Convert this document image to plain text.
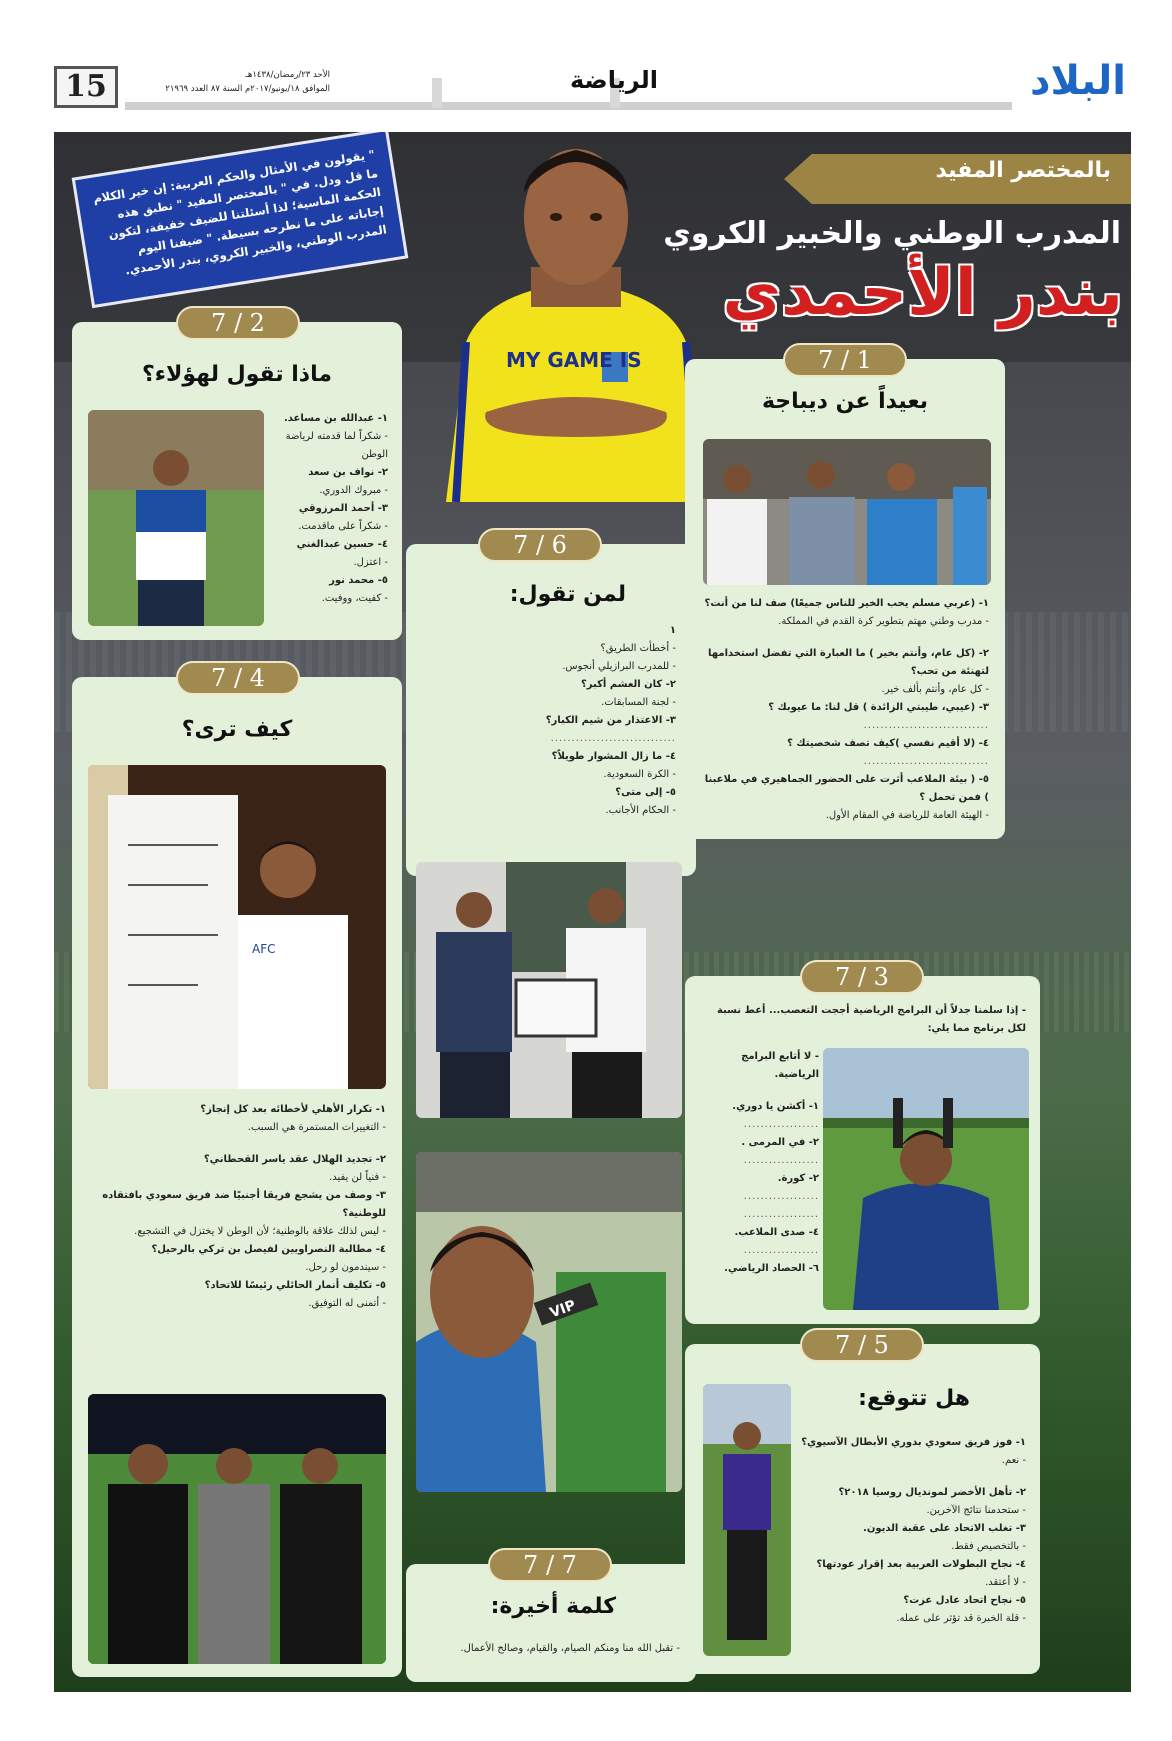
15	الأحد ٢٣/رمضان/١٤٣٨هـ
الموافق ١٨/يونيو/٢٠١٧م السنة ٨٧ العدد ٢١٩٦٩	الرياضة	البلاد
" يقولون في الأمثال والحكم العربية: إن خير الكلام ما قل ودل. في " بالمختصر المفيد " نطبق هذه الحكمة الماسية؛ لذا أسئلتنا للضيف خفيفة، لتكون إجاباته على ما نطرحه بسيطة. " ضيفنا اليوم المدرب الوطني، والخبير الكروي، بندر الأحمدي.
بالمختصر المفيد
المدرب الوطني والخبير الكروي
بندر الأحمدي
MY GAME IS	7 / 1
بعيداً عن ديباجة
١- (عربي مسلم يحب الخير للناس جميعًا) صف لنا من أنت؟
- مدرب وطني مهتم بتطوير كرة القدم في المملكة.
٢- (كل عام، وأنتم بخير ) ما العبارة التي تفضل استخدامها لتهنئة من تحب؟
- كل عام، وأنتم بألف خير.
٣- (عيبي، طيبتي الزائدة ) قل لنا: ما عيوبك ؟
..............................
٤- (لا أقيم نفسي )كيف تصف شخصيتك ؟
..............................
٥- ( بيئة الملاعب أثرت على الحضور الجماهيري في ملاعبنا ) فمن تحمل ؟
- الهيئة العامة للرياضة في المقام الأول.
7 / 2
ماذا تقول لهؤلاء؟
١- عبدالله بن مساعد.
- شكراً لما قدمته لرياضة الوطن
٢- نواف بن سعد
- مبروك الدوري.
٣- أحمد المرزوقي
- شكراً على ماقدمت.
٤- حسين عبدالغني
- اعتزل.
٥- محمد نور
- كفيت، ووفيت.
7 / 3
- إذا سلمنا جدلاً أن البرامج الرياضية أججت التعصب... أعط نسبة لكل برنامج مما يلي:
- لا أتابع البرامج الرياضية.
١- أكشن يا دوري.
..................
٢- في المرمى .
..................
٢- كورة.
..................
..................
٤- صدى الملاعب.
..................
٦- الحصاد الرياضي.
7 / 4
كيف ترى؟
AFC
١- تكرار الأهلي لأخطائه بعد كل إنجاز؟
- التغييرات المستمرة هي السبب.
٢- تجديد الهلال عقد ياسر القحطاني؟
- فنياً لن يفيد.
٣- وصف من يشجع فريقا أجنبيًا ضد فريق سعودي بافتقاده للوطنية؟
- ليس لذلك علاقة بالوطنية؛ لأن الوطن لا يختزل في التشجيع.
٤- مطالبة النصراويين لفيصل بن تركي بالرحيل؟
- سيندمون لو رحل.
٥- تكليف أنمار الحائلي رئيسًا للاتحاد؟
- أتمنى له التوفيق.
7 / 5
هل تتوقع:
١- فوز فريق سعودي بدوري الأبطال الآسيوي؟
- نعم.
٢- تأهل الأخضر لمونديال روسيا ٢٠١٨؟
- ستحدمنا نتائج الآخرين.
٣- تغلب الاتحاد على عقبة الديون.
- بالتخصيص فقط.
٤- نجاح البطولات العربية بعد إقرار عودتها؟
- لا أعتقد.
٥- نجاح اتحاد عادل عزت؟
- قلة الخبرة قد تؤثر على عمله.
7 / 6
لمن تقول:
١
- أخطأت الطريق؟
- للمدرب البرازيلي أنجوس.
٢- كان العشم أكبر؟
- لجنة المسابقات.
٣- الاعتذار من شيم الكبار؟
..............................
٤- ما زال المشوار طويلاً؟
- الكرة السعودية.
٥- إلى متى؟
- الحكام الأجانب.
VIP
7 / 7
كلمة أخيرة:
- تقبل الله منا ومنكم الصيام، والقيام، وصالح الأعمال.
